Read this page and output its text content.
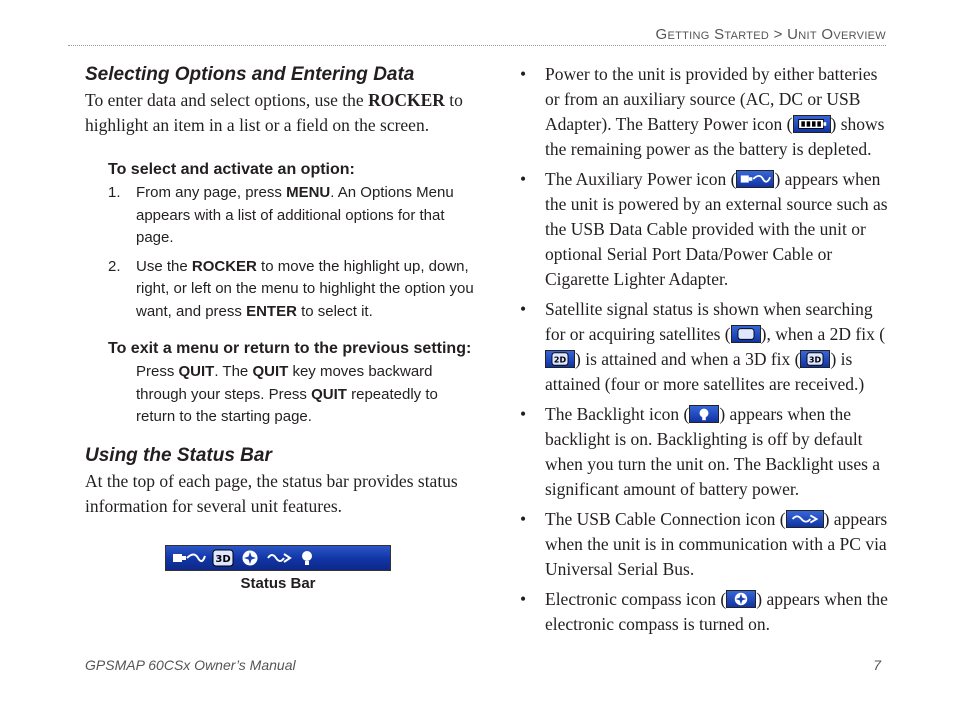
Getting Started > Unit Overview
Selecting Options and Entering Data

To enter data and select options, use the ROCKER to highlight an item in a list or a field on the screen.

To select and activate an option:
1. From any page, press MENU. An Options Menu appears with a list of additional options for that page.
2. Use the ROCKER to move the highlight up, down, right, or left on the menu to highlight the option you want, and press ENTER to select it.
To exit a menu or return to the previous setting:
Press QUIT. The QUIT key moves backward through your steps. Press QUIT repeatedly to return to the starting page.
Using the Status Bar

At the top of each page, the status bar provides status information for several unit features.

3D
Status Bar
• Power to the unit is provided by either batteries or from an auxiliary source (AC, DC or USB Adapter). The Battery Power icon ( ) shows the remaining power as the battery is depleted.
• The Auxiliary Power icon ( ) appears when the unit is powered by an external source such as the USB Data Cable provided with the unit or optional Serial Port Data/Power Cable or Cigarette Lighter Adapter.
• Satellite signal status is shown when searching for or acquiring satellites ( ), when a 2D fix (
2D ) is attained and when a 3D fix ( 3D ) is attained (four or more satellites are received.)
• The Backlight icon ( ) appears when the backlight is on. Backlighting is off by default when you turn the unit on. The Backlight uses a significant amount of battery power.
• The USB Cable Connection icon ( ) appears when the unit is in communication with a PC via Universal Serial Bus.
• Electronic compass icon ( ) appears when the electronic compass is turned on.
GPSMAP 60CSx Owner’s Manual	7
